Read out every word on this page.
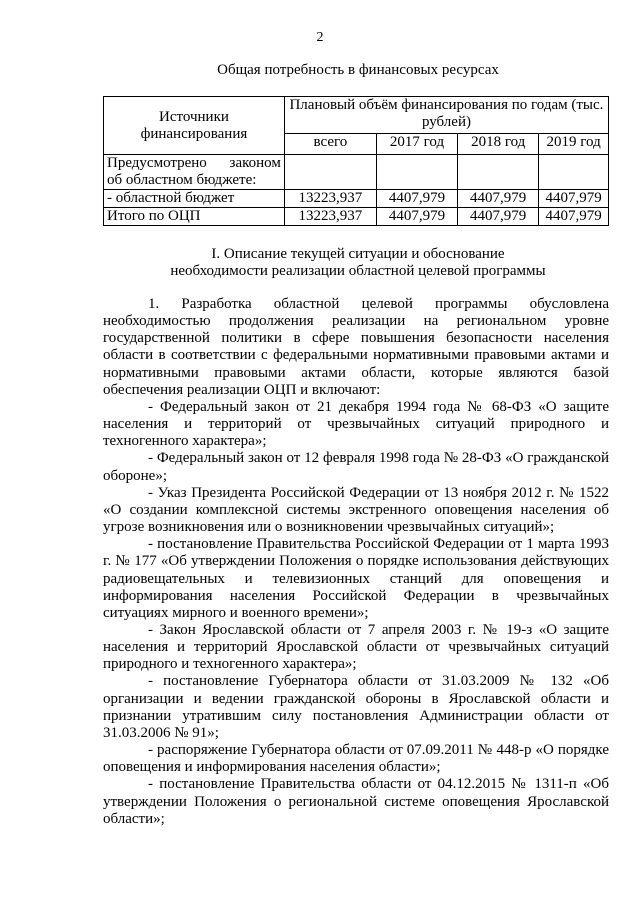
2
Общая потребность в финансовых ресурсах
Источники финансирования	Плановый объём финансирования по годам (тыс. рублей)			
	всего	2017 год	2018 год	2019 год

Предусмотрено законом
об областном бюджете:				

- областной бюджет	13223,937	4407,979	4407,979	4407,979
Итого по ОЦП	13223,937	4407,979	4407,979	4407,979
I. Описание текущей ситуации и обоснование
необходимости реализации областной целевой программы

1. Разработка областной целевой программы обусловлена необходимостью продолжения реализации на региональном уровне государственной политики в сфере повышения безопасности населения области в соответствии с федеральными нормативными правовыми актами и нормативными правовыми актами области, которые являются базой обеспечения реализации ОЦП и включают:

- Федеральный закон от 21 декабря 1994 года № 68-ФЗ «О защите населения и территорий от чрезвычайных ситуаций природного и техногенного характера»;

- Федеральный закон от 12 февраля 1998 года № 28-ФЗ «О гражданской обороне»;

- Указ Президента Российской Федерации от 13 ноября 2012 г. № 1522 «О создании комплексной системы экстренного оповещения населения об угрозе возникновения или о возникновении чрезвычайных ситуаций»;

- постановление Правительства Российской Федерации от 1 марта 1993 г. № 177 «Об утверждении Положения о порядке использования действующих радиовещательных и телевизионных станций для оповещения и информирования населения Российской Федерации в чрезвычайных ситуациях мирного и военного времени»;

- Закон Ярославской области от 7 апреля 2003 г. № 19-з «О защите населения и территорий Ярославской области от чрезвычайных ситуаций природного и техногенного характера»;

- постановление Губернатора области от 31.03.2009 № 132 «Об организации и ведении гражданской обороны в Ярославской области и признании утратившим силу постановления Администрации области от 31.03.2006 № 91»;

- распоряжение Губернатора области от 07.09.2011 № 448-р «О порядке оповещения и информирования населения области»;

- постановление Правительства области от 04.12.2015 № 1311-п «Об утверждении Положения о региональной системе оповещения Ярославской области»;
